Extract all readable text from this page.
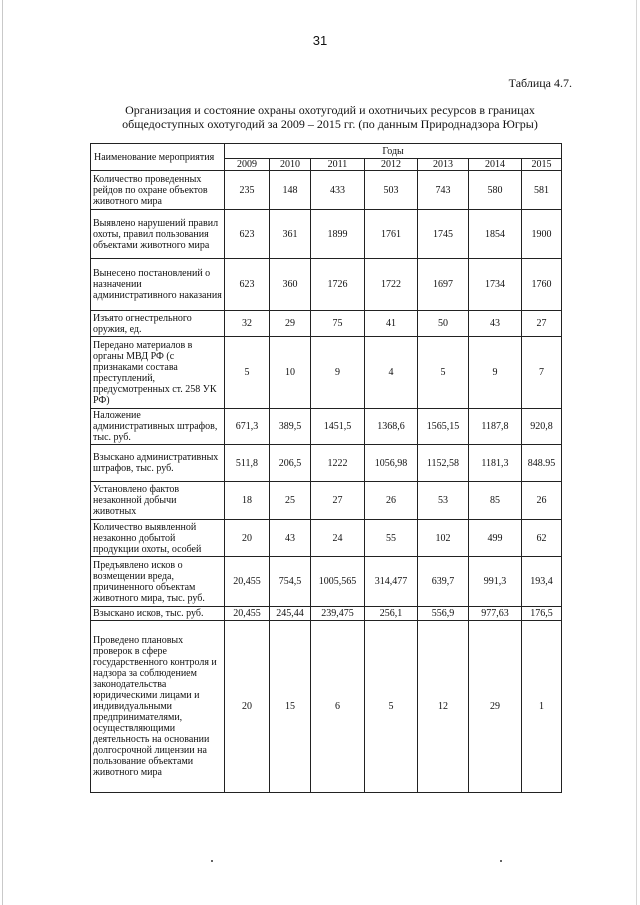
31
Таблица 4.7.
Организация и состояние охраны охотугодий и охотничьих ресурсов в границах общедоступных охотугодий за 2009 – 2015 гг. (по данным Природнадзора Югры)
Наименование мероприятия	Годы						
	2009	2010	2011	2012	2013	2014	2015
Количество проведенных рейдов по охране объектов животного мира	235	148	433	503	743	580	581
Выявлено нарушений правил охоты, правил пользования объектами животного мира	623	361	1899	1761	1745	1854	1900
Вынесено постановлений о назначении административного наказания	623	360	1726	1722	1697	1734	1760
Изъято огнестрельного оружия, ед.	32	29	75	41	50	43	27
Передано материалов в органы МВД РФ (с признаками состава преступлений, предусмотренных ст. 258 УК РФ)	5	10	9	4	5	9	7
Наложение административных штрафов, тыс. руб.	671,3	389,5	1451,5	1368,6	1565,15	1187,8	920,8
Взыскано административных штрафов, тыс. руб.	511,8	206,5	1222	1056,98	1152,58	1181,3	848.95
Установлено фактов незаконной добычи животных	18	25	27	26	53	85	26
Количество выявленной незаконно добытой продукции охоты, особей	20	43	24	55	102	499	62
Предъявлено исков о возмещении вреда, причиненного объектам животного мира, тыс. руб.	20,455	754,5	1005,565	314,477	639,7	991,3	193,4
Взыскано исков, тыс. руб.	20,455	245,44	239,475	256,1	556,9	977,63	176,5
Проведено плановых проверок в сфере государственного контроля и надзора за соблюдением законодательства юридическими лицами и индивидуальными предпринимателями, осуществляющими деятельность на основании долгосрочной лицензии на пользование объектами животного мира	20	15	6	5	12	29	1
